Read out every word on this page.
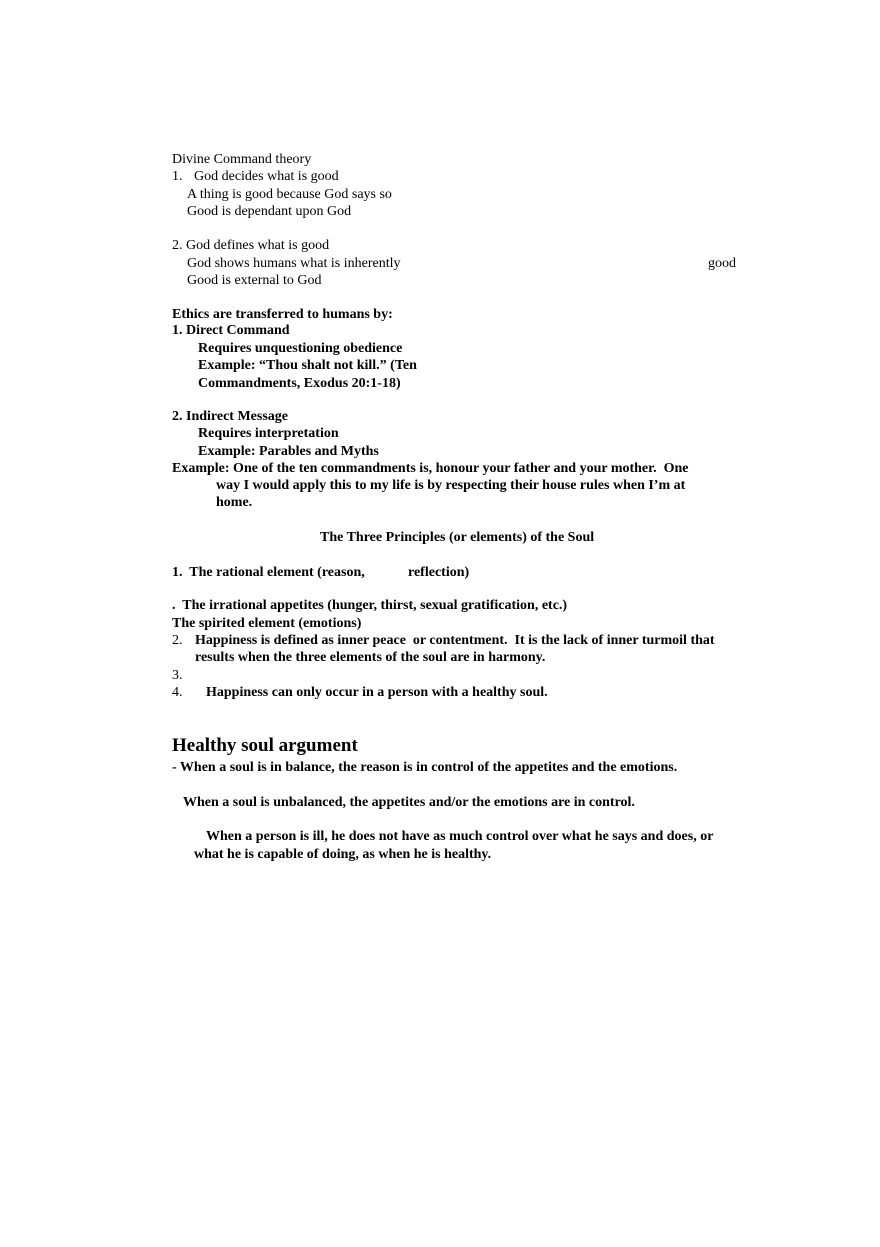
Divine Command theory
1. God decides what is good
A thing is good because God says so
Good is dependant upon God
2. God defines what is good
God shows humans what is inherently	good
Good is external to God
Ethics are transferred to humans by:
1. Direct Command
Requires unquestioning obedience
Example: “Thou shalt not kill.” (Ten
Commandments, Exodus 20:1-18)
2. Indirect Message
Requires interpretation
Example: Parables and Myths
Example: One of the ten commandments is, honour your father and your mother.  One
way I would apply this to my life is by respecting their house rules when I’m at
home.
The Three Principles (or elements) of the Soul
1.  The rational element (reason,	reflection)
.  The irrational appetites (hunger, thirst, sexual gratification, etc.)
The spirited element (emotions)
2. Happiness is defined as inner peace  or contentment.  It is the lack of inner turmoil that
results when the three elements of the soul are in harmony.
3.
4. Happiness can only occur in a person with a healthy soul.
Healthy soul argument
- When a soul is in balance, the reason is in control of the appetites and the emotions.
When a soul is unbalanced, the appetites and/or the emotions are in control.
When a person is ill, he does not have as much control over what he says and does, or
what he is capable of doing, as when he is healthy.
